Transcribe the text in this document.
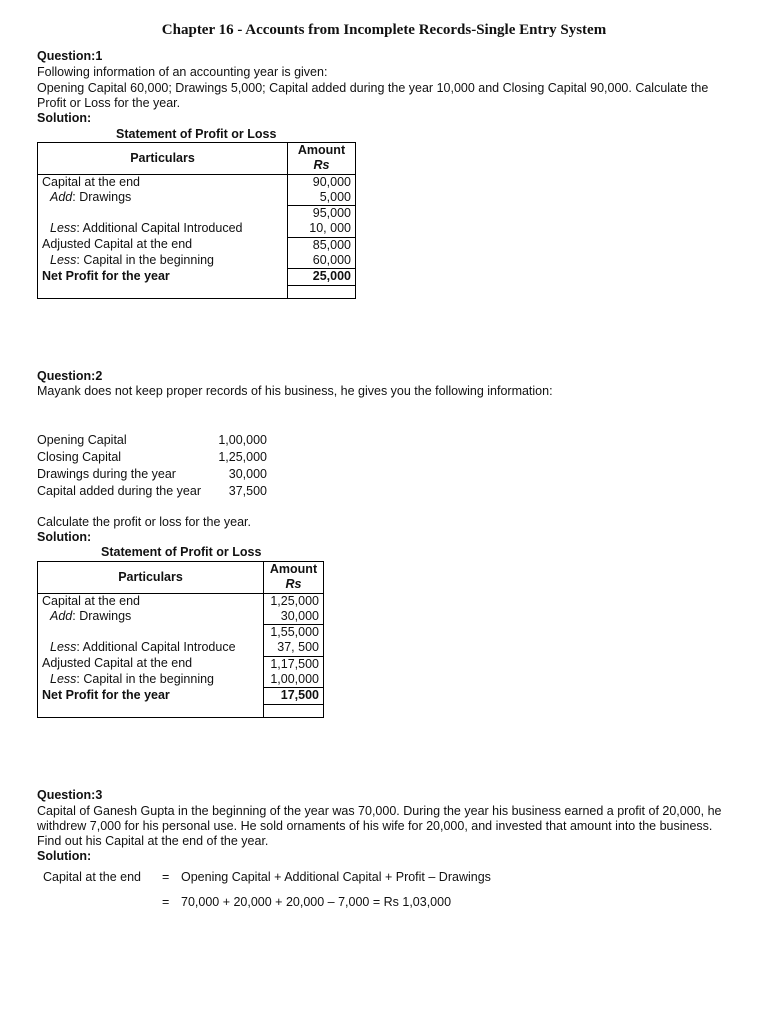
Chapter 16 - Accounts from Incomplete Records-Single Entry System
Question:1
Following information of an accounting year is given:
Opening Capital 60,000; Drawings 5,000; Capital added during the year 10,000 and Closing Capital 90,000. Calculate the
Profit or Loss for the year.
Solution:
Statement of Profit or Loss
Particulars	Amount
Rs

Capital at the end	90,000
Add: Drawings	5,000
	95,000
Less: Additional Capital Introduced	10, 000
Adjusted Capital at the end	85,000
Less: Capital in the beginning	60,000
Net Profit for the year	25,000

Question:2
Mayank does not keep proper records of his business, he gives you the following information:
Opening Capital	1,00,000
Closing Capital	1,25,000
Drawings during the year	30,000
Capital added during the year	37,500
Calculate the profit or loss for the year.
Solution:
Statement of Profit or Loss
Particulars	Amount
Rs

Capital at the end	1,25,000
Add: Drawings	30,000
	1,55,000
Less: Additional Capital Introduce	37, 500
Adjusted Capital at the end	1,17,500
Less: Capital in the beginning	1,00,000
Net Profit for the year	17,500

Question:3
Capital of Ganesh Gupta in the beginning of the year was 70,000. During the year his business earned a profit of 20,000, he
withdrew 7,000 for his personal use. He sold ornaments of his wife for 20,000, and invested that amount into the business.
Find out his Capital at the end of the year.
Solution:
Capital at the end = Opening Capital + Additional Capital + Profit – Drawings
= 70,000 + 20,000 + 20,000 – 7,000 = Rs 1,03,000
